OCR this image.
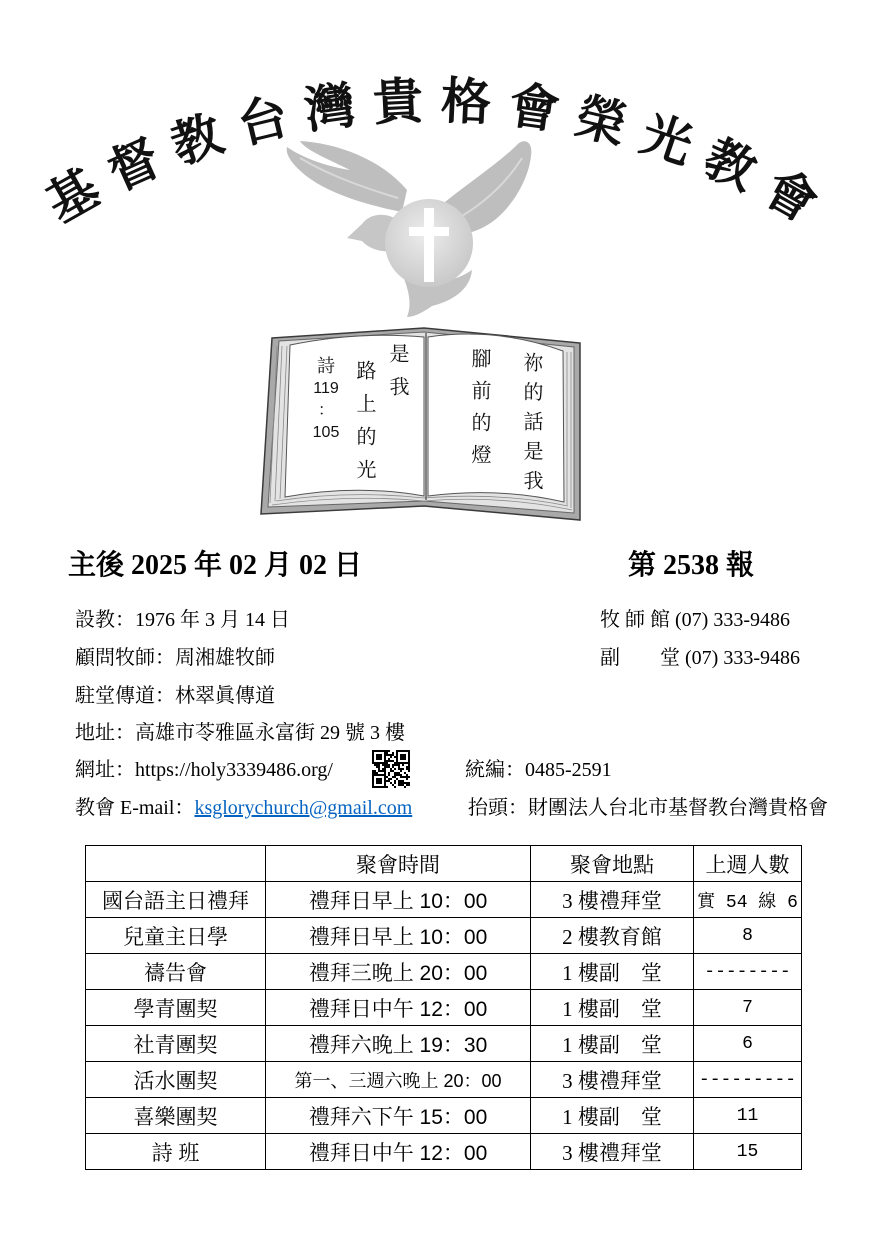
祢的話是我
腳前的燈
是我
路上的光
詩
119
：
105
基
督
教 台 灣 貴 格 會 榮 光
教
會
主後 2025 年 02 月 02 日	第 2538 報
設教：1976 年 3 月 14 日	牧 師 館 (07) 333-9486
顧問牧師：周湘雄牧師	副　　堂 (07) 333-9486
駐堂傳道：林翠眞傳道
地址：高雄市苓雅區永富街 29 號 3 樓
網址：https://holy3339486.org/	統編：0485-2591
教會 E-mail：ksglorychurch@gmail.com	抬頭：財團法人台北市基督教台灣貴格會
	聚會時間	聚會地點	上週人數
國台語主日禮拜	禮拜日早上 10：00	3 樓禮拜堂	實 54 線 6
兒童主日學	禮拜日早上 10：00	2 樓教育館	8
禱告會	禮拜三晚上 20：00	1 樓副　堂	--------
學青團契	禮拜日中午 12：00	1 樓副　堂	7
社青團契	禮拜六晚上 19：30	1 樓副　堂	6
活水團契	第一、三週六晚上 20：00	3 樓禮拜堂	---------
喜樂團契	禮拜六下午 15：00	1 樓副　堂	11
詩 班	禮拜日中午 12：00	3 樓禮拜堂	15
